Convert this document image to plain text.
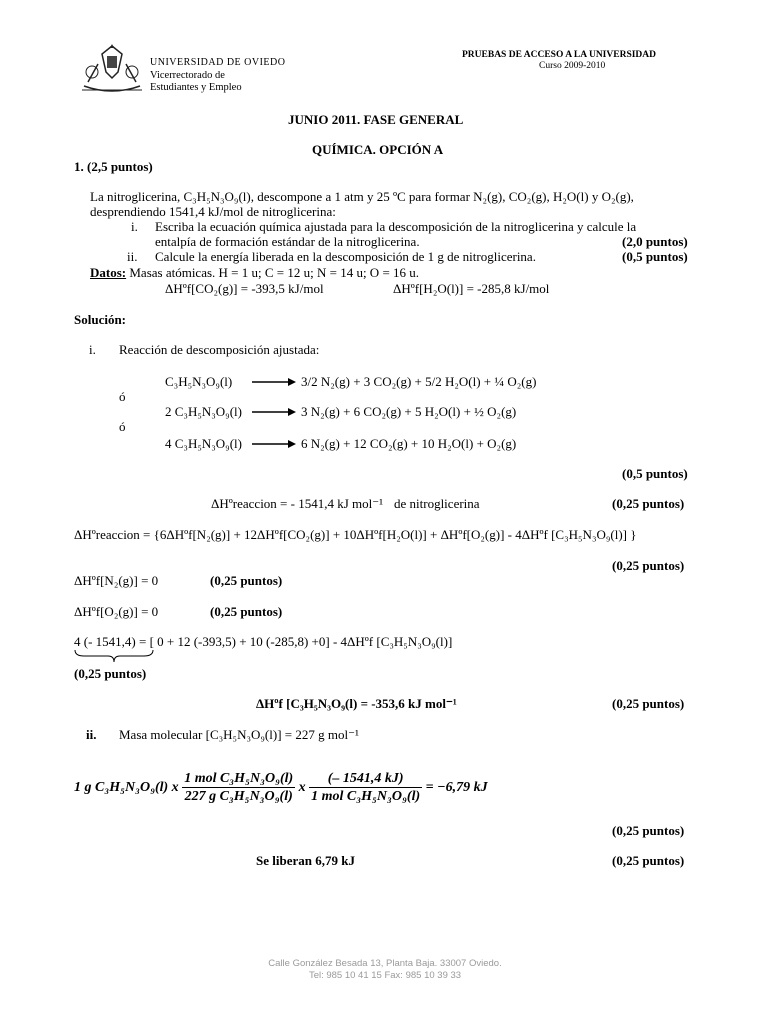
UNIVERSIDAD DE OVIEDO
Vicerrectorado de
Estudiantes y Empleo
PRUEBAS DE ACCESO A LA UNIVERSIDAD
Curso 2009-2010
JUNIO 2011. FASE GENERAL
QUÍMICA. OPCIÓN A
1. (2,5 puntos)
La nitroglicerina, C₃H₅N₃O₉(l), descompone a 1 atm y 25 ºC para formar N₂(g), CO₂(g), H₂O(l) y O₂(g),
desprendiendo 1541,4 kJ/mol de nitroglicerina:
i. Escriba la ecuación química ajustada para la descomposición de la nitroglicerina y calcule la
entalpía de formación estándar de la nitroglicerina.	(2,0 puntos)
ii. Calcule la energía liberada en la descomposición de 1 g de nitroglicerina.	(0,5 puntos)
Datos: Masas atómicas. H = 1 u; C = 12 u; N = 14 u; O = 16 u.
ΔHºf[CO₂(g)] = -393,5 kJ/mol	ΔHºf[H₂O(l)] = -285,8 kJ/mol
Solución:
i. Reacción de descomposición ajustada:
C₃H₅N₃O₉(l) → 3/2 N₂(g) + 3 CO₂(g) + 5/2 H₂O(l) + ¼ O₂(g)
ó
2 C₃H₅N₃O₉(l) → 3 N₂(g) + 6 CO₂(g) + 5 H₂O(l) + ½ O₂(g)
ó
4 C₃H₅N₃O₉(l) → 6 N₂(g) + 12 CO₂(g) + 10 H₂O(l) + O₂(g)
(0,5 puntos)
ΔHºreaccion = - 1541,4 kJ mol⁻¹ de nitroglicerina	(0,25 puntos)
ΔHºreaccion = {6ΔHºf[N₂(g)] + 12ΔHºf[CO₂(g)] + 10ΔHºf[H₂O(l)] + ΔHºf[O₂(g)] - 4ΔHºf [C₃H₅N₃O₉(l)] }
(0,25 puntos)
ΔHºf[N₂(g)] = 0	(0,25 puntos)
ΔHºf[O₂(g)] = 0	(0,25 puntos)
4 (- 1541,4) = [ 0 + 12 (-393,5) + 10 (-285,8) +0] - 4ΔHºf [C₃H₅N₃O₉(l)]
(0,25 puntos)
ΔHºf [C₃H₅N₃O₉(l) = -353,6 kJ mol⁻¹	(0,25 puntos)
ii. Masa molecular [C₃H₅N₃O₉(l)] = 227 g mol⁻¹
1 g C₃H₅N₃O₉(l) x $\frac{\text{1 mol C₃H₅N₃O₉(l)}}{\text{227 g C₃H₅N₃O₉(l)}}$ x $\frac{(- 1541,4 kJ)}{\text{1 mol C₃H₅N₃O₉(l)}} = -6,79$ kJ
(0,25 puntos)
Se liberan 6,79 kJ	(0,25 puntos)
Calle González Besada 13, Planta Baja. 33007 Oviedo.
Tel: 985 10 41 15 Fax: 985 10 39 33
